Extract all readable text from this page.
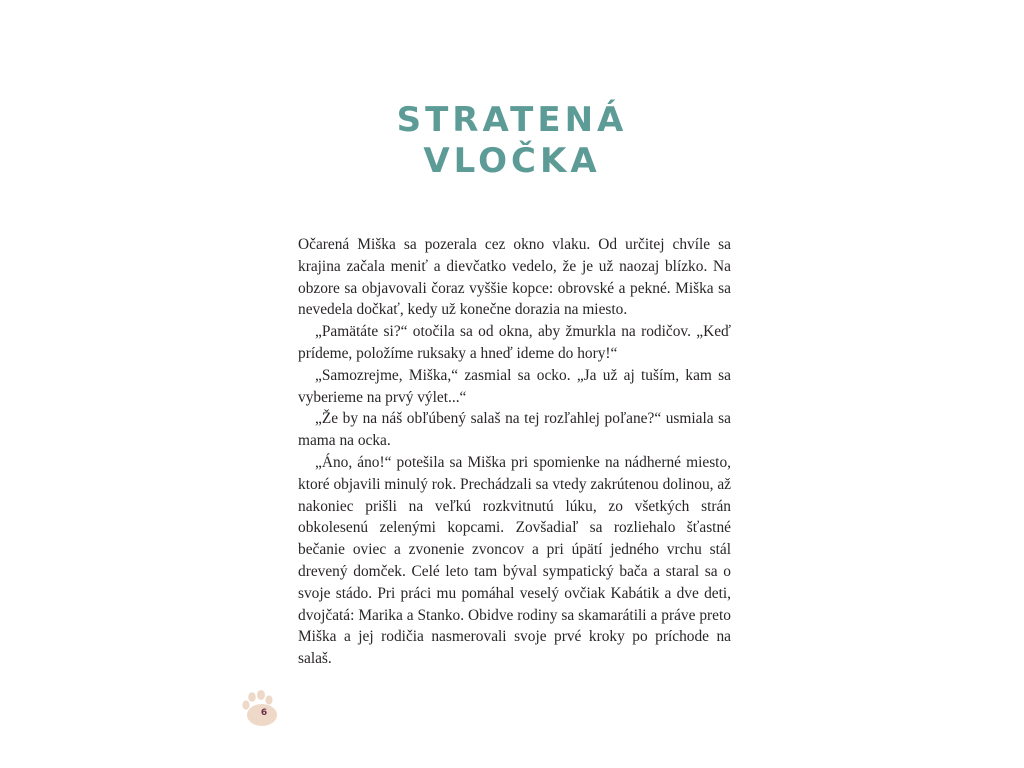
STRATENÁ
VLOČKA

Očarená Miška sa pozerala cez okno vlaku. Od určitej chvíle sa krajina začala meniť a dievčatko vedelo, že je už naozaj blízko. Na obzore sa objavovali čoraz vyššie kopce: obrovské a pekné. Miška sa nevedela dočkať, kedy už konečne dorazia na miesto.

„Pamätáte si?“ otočila sa od okna, aby žmurkla na rodičov. „Keď prídeme, položíme ruksaky a hneď ideme do hory!“

„Samozrejme, Miška,“ zasmial sa ocko. „Ja už aj tuším, kam sa vyberieme na prvý výlet...“

„Že by na náš obľúbený salaš na tej rozľahlej poľane?“ usmiala sa mama na ocka.

„Áno, áno!“ potešila sa Miška pri spomienke na nádherné miesto, ktoré objavili minulý rok. Prechádzali sa vtedy zakrútenou dolinou, až nakoniec prišli na veľkú rozkvitnutú lúku, zo všetkých strán obkolesenú zelenými kopcami. Zovšadiaľ sa rozliehalo šťastné bečanie oviec a zvonenie zvoncov a pri úpätí jedného vrchu stál drevený domček. Celé leto tam býval sympatický bača a staral sa o svoje stádo. Pri práci mu pomáhal veselý ovčiak Kabátik a dve deti, dvojčatá: Marika a Stanko. Obidve rodiny sa skamarátili a práve preto Miška a jej rodičia nasmerovali svoje prvé kroky po príchode na salaš.

6
